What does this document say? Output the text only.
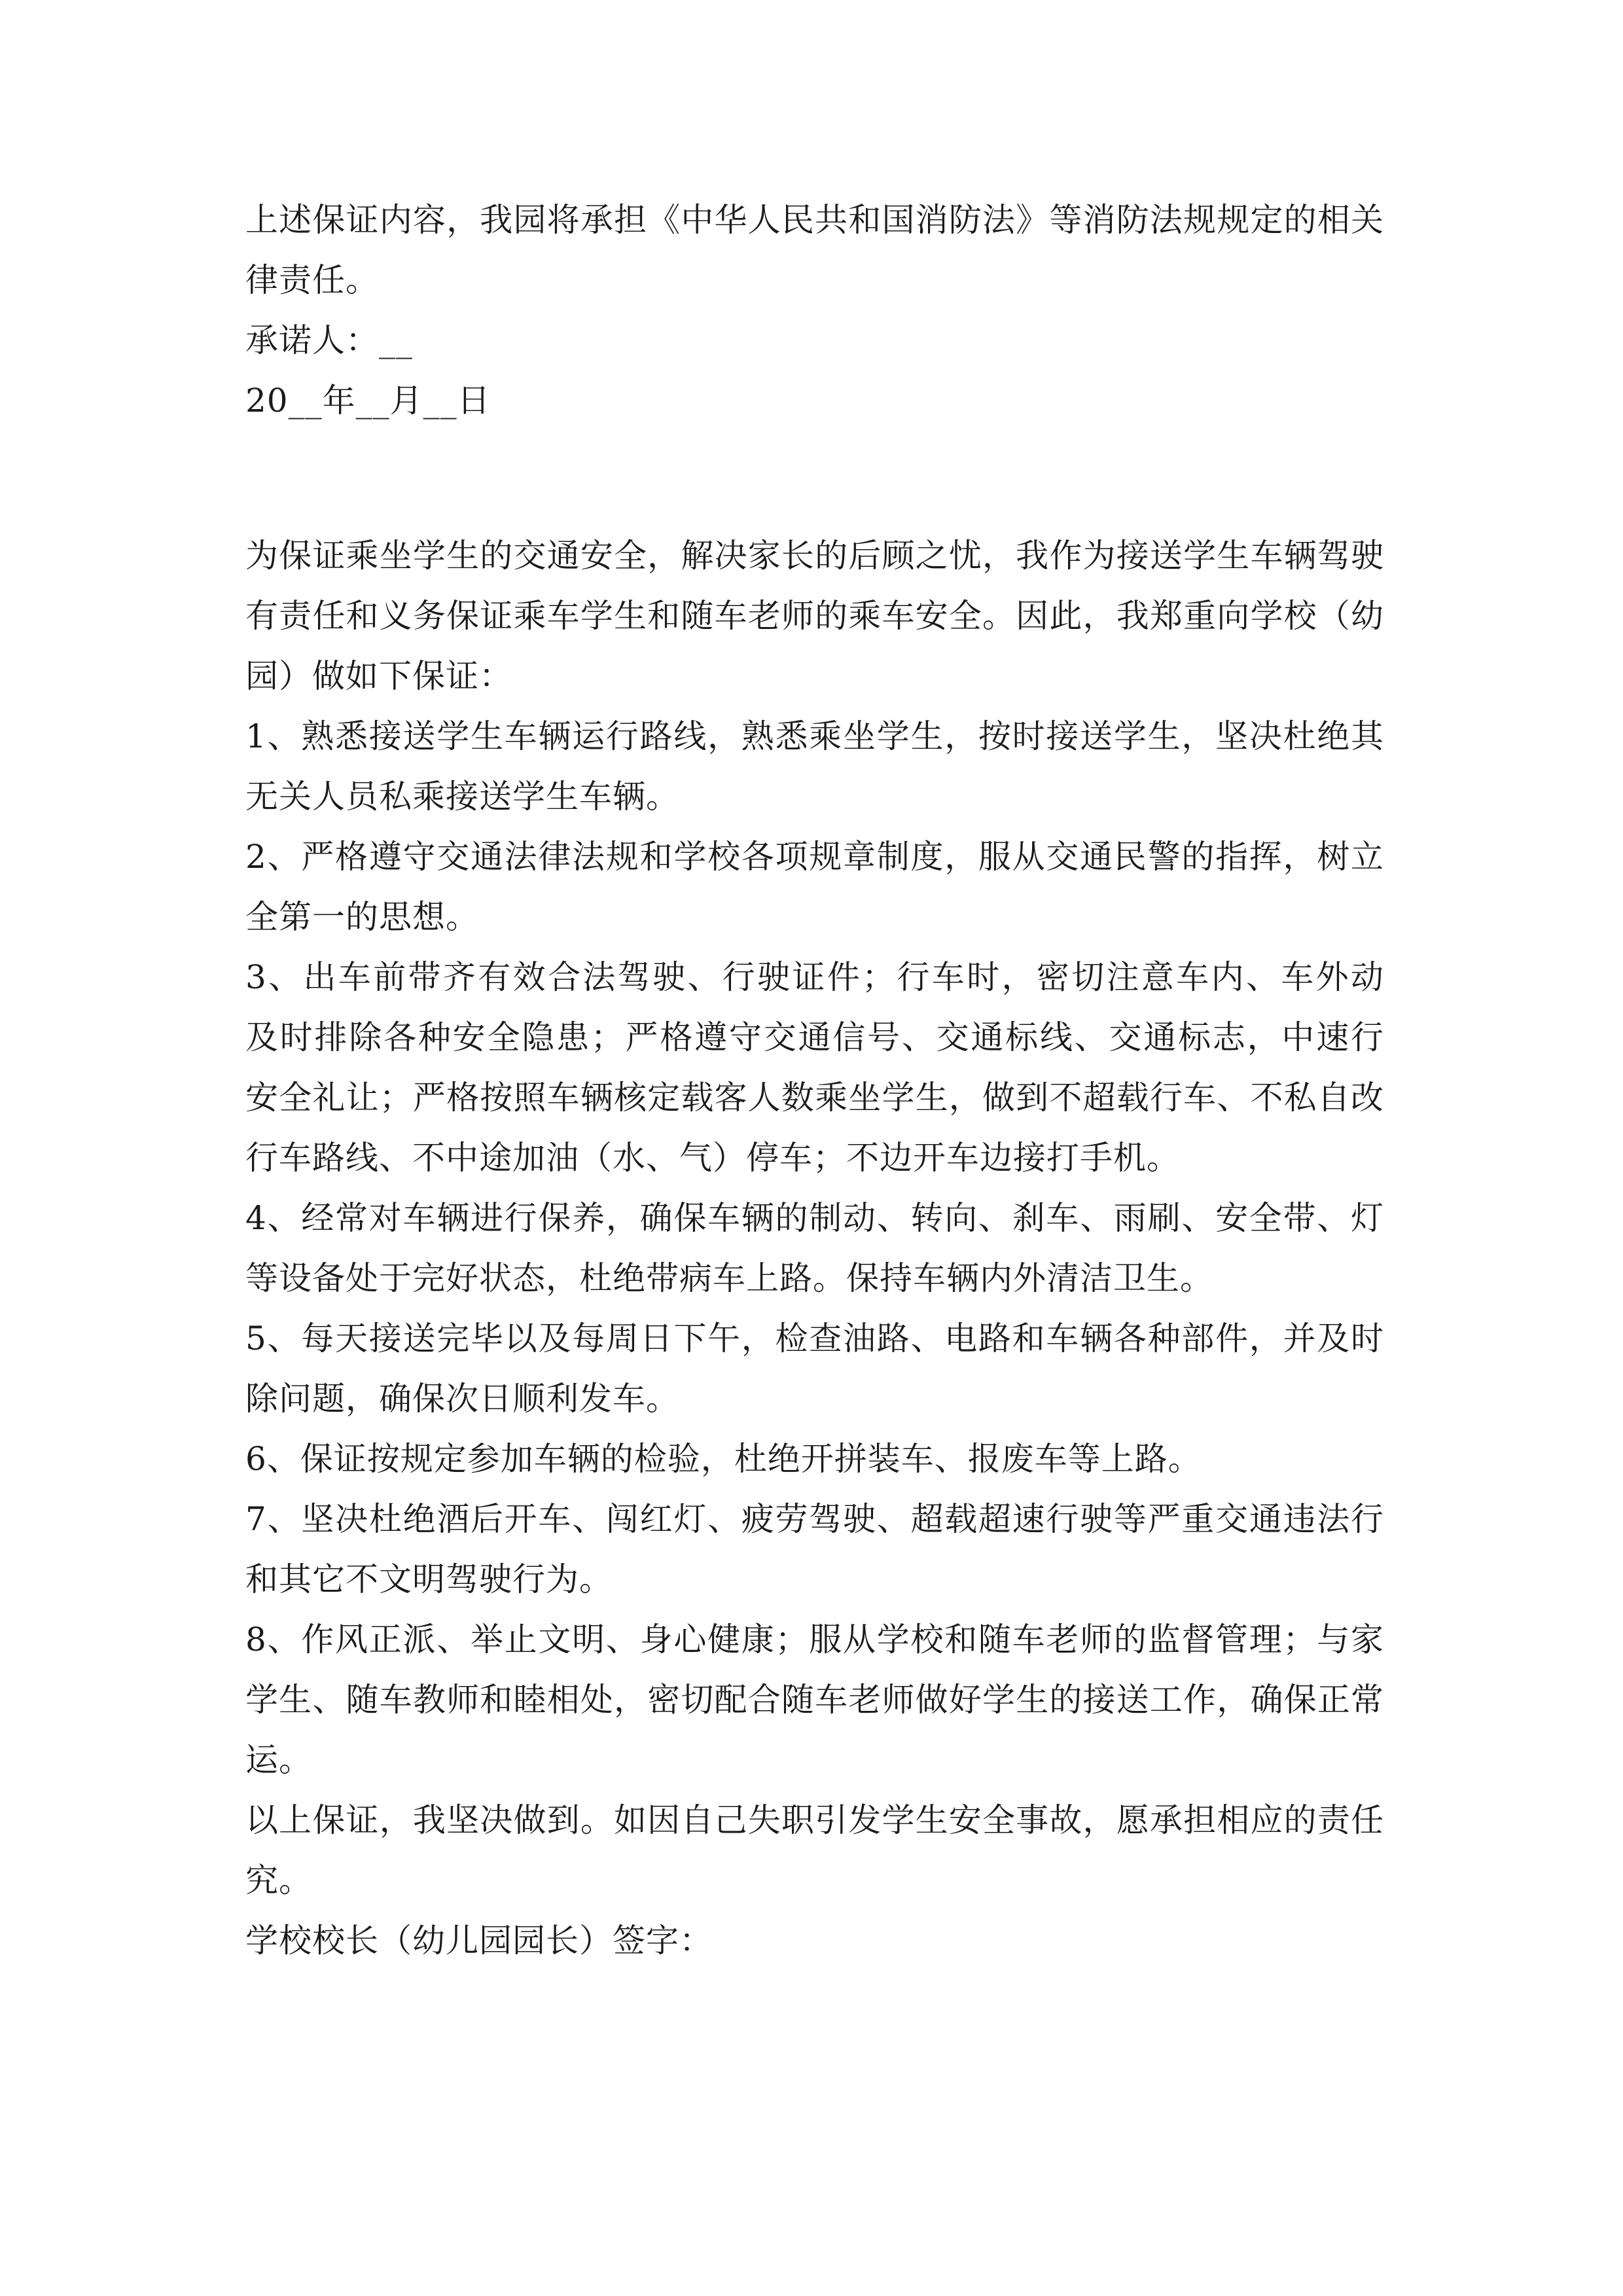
上述保证内容，我园将承担《中华人民共和国消防法》等消防法规规定的相关
律责任。
承诺人：__
20__年__月__日
为保证乘坐学生的交通安全，解决家长的后顾之忧，我作为接送学生车辆驾驶
有责任和义务保证乘车学生和随车老师的乘车安全。因此，我郑重向学校（幼
园）做如下保证：
1、熟悉接送学生车辆运行路线，熟悉乘坐学生，按时接送学生，坚决杜绝其
无关人员私乘接送学生车辆。
2、严格遵守交通法律法规和学校各项规章制度，服从交通民警的指挥，树立
全第一的思想。
3、出车前带齐有效合法驾驶、行驶证件；行车时，密切注意车内、车外动
及时排除各种安全隐患；严格遵守交通信号、交通标线、交通标志，中速行
安全礼让；严格按照车辆核定载客人数乘坐学生，做到不超载行车、不私自改
行车路线、不中途加油（水、气）停车；不边开车边接打手机。
4、经常对车辆进行保养，确保车辆的制动、转向、刹车、雨刷、安全带、灯
等设备处于完好状态，杜绝带病车上路。保持车辆内外清洁卫生。
5、每天接送完毕以及每周日下午，检查油路、电路和车辆各种部件，并及时
除问题，确保次日顺利发车。
6、保证按规定参加车辆的检验，杜绝开拼装车、报废车等上路。
7、坚决杜绝酒后开车、闯红灯、疲劳驾驶、超载超速行驶等严重交通违法行
和其它不文明驾驶行为。
8、作风正派、举止文明、身心健康；服从学校和随车老师的监督管理；与家
学生、随车教师和睦相处，密切配合随车老师做好学生的接送工作，确保正常
运。
以上保证，我坚决做到。如因自己失职引发学生安全事故，愿承担相应的责任
究。
学校校长（幼儿园园长）签字：
